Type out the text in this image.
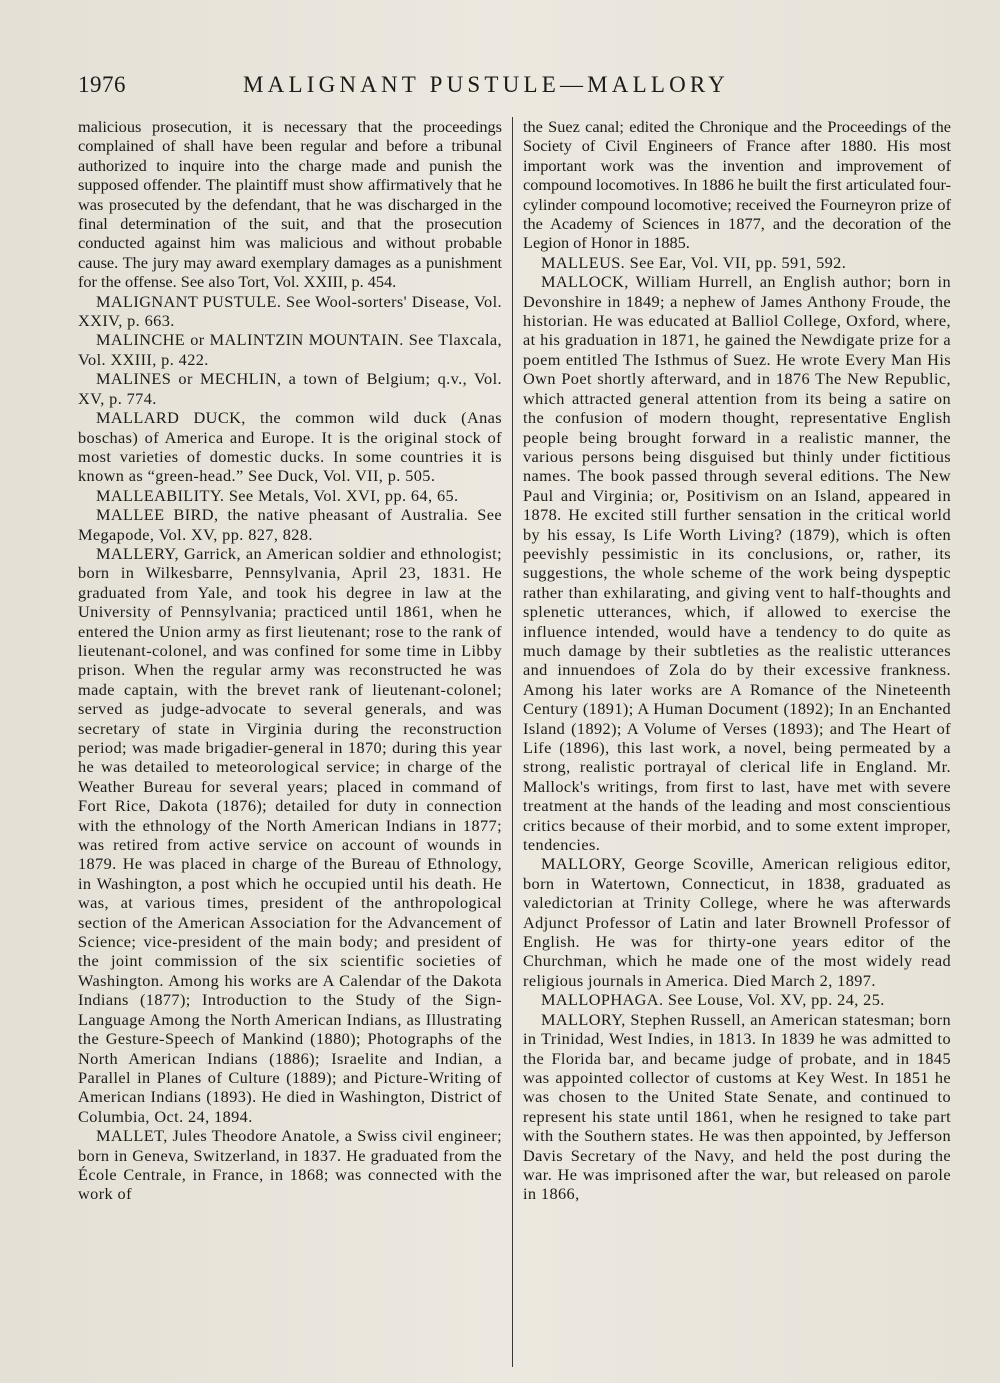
1976	MALIGNANT PUSTULE—MALLORY

malicious prosecution, it is necessary that the proceedings complained of shall have been regular and before a tribunal authorized to inquire into the charge made and punish the supposed offender. The plaintiff must show affirmatively that he was prosecuted by the defendant, that he was discharged in the final determination of the suit, and that the prosecution conducted against him was malicious and without probable cause. The jury may award exemplary damages as a punishment for the offense. See also Tort, Vol. XXIII, p. 454.

MALIGNANT PUSTULE. See Wool-sorters' Disease, Vol. XXIV, p. 663.

MALINCHE or MALINTZIN MOUNTAIN. See Tlaxcala, Vol. XXIII, p. 422.

MALINES or MECHLIN, a town of Belgium; q.v., Vol. XV, p. 774.

MALLARD DUCK, the common wild duck (Anas boschas) of America and Europe. It is the original stock of most varieties of domestic ducks. In some countries it is known as “green-head.” See Duck, Vol. VII, p. 505.

MALLEABILITY. See Metals, Vol. XVI, pp. 64, 65.

MALLEE BIRD, the native pheasant of Australia. See Megapode, Vol. XV, pp. 827, 828.

MALLERY, Garrick, an American soldier and ethnologist; born in Wilkesbarre, Pennsylvania, April 23, 1831. He graduated from Yale, and took his degree in law at the University of Pennsylvania; practiced until 1861, when he entered the Union army as first lieutenant; rose to the rank of lieutenant-colonel, and was confined for some time in Libby prison. When the regular army was reconstructed he was made captain, with the brevet rank of lieutenant-colonel; served as judge-advocate to several generals, and was secretary of state in Virginia during the reconstruction period; was made brigadier-general in 1870; during this year he was detailed to meteorological service; in charge of the Weather Bureau for several years; placed in command of Fort Rice, Dakota (1876); detailed for duty in connection with the ethnology of the North American Indians in 1877; was retired from active service on account of wounds in 1879. He was placed in charge of the Bureau of Ethnology, in Washington, a post which he occupied until his death. He was, at various times, president of the anthropological section of the American Association for the Advancement of Science; vice-president of the main body; and president of the joint commission of the six scientific societies of Washington. Among his works are A Calendar of the Dakota Indians (1877); Introduction to the Study of the Sign-Language Among the North American Indians, as Illustrating the Gesture-Speech of Mankind (1880); Photographs of the North American Indians (1886); Israelite and Indian, a Parallel in Planes of Culture (1889); and Picture-Writing of American Indians (1893). He died in Washington, District of Columbia, Oct. 24, 1894.

MALLET, Jules Theodore Anatole, a Swiss civil engineer; born in Geneva, Switzerland, in 1837. He graduated from the École Centrale, in France, in 1868; was connected with the work of

the Suez canal; edited the Chronique and the Proceedings of the Society of Civil Engineers of France after 1880. His most important work was the invention and improvement of compound locomotives. In 1886 he built the first articulated four-cylinder compound locomotive; received the Fourneyron prize of the Academy of Sciences in 1877, and the decoration of the Legion of Honor in 1885.

MALLEUS. See Ear, Vol. VII, pp. 591, 592.

MALLOCK, William Hurrell, an English author; born in Devonshire in 1849; a nephew of James Anthony Froude, the historian. He was educated at Balliol College, Oxford, where, at his graduation in 1871, he gained the Newdigate prize for a poem entitled The Isthmus of Suez. He wrote Every Man His Own Poet shortly afterward, and in 1876 The New Republic, which attracted general attention from its being a satire on the confusion of modern thought, representative English people being brought forward in a realistic manner, the various persons being disguised but thinly under fictitious names. The book passed through several editions. The New Paul and Virginia; or, Positivism on an Island, appeared in 1878. He excited still further sensation in the critical world by his essay, Is Life Worth Living? (1879), which is often peevishly pessimistic in its conclusions, or, rather, its suggestions, the whole scheme of the work being dyspeptic rather than exhilarating, and giving vent to half-thoughts and splenetic utterances, which, if allowed to exercise the influence intended, would have a tendency to do quite as much damage by their subtleties as the realistic utterances and innuendoes of Zola do by their excessive frankness. Among his later works are A Romance of the Nineteenth Century (1891); A Human Document (1892); In an Enchanted Island (1892); A Volume of Verses (1893); and The Heart of Life (1896), this last work, a novel, being permeated by a strong, realistic portrayal of clerical life in England. Mr. Mallock's writings, from first to last, have met with severe treatment at the hands of the leading and most conscientious critics because of their morbid, and to some extent improper, tendencies.

MALLORY, George Scoville, American religious editor, born in Watertown, Connecticut, in 1838, graduated as valedictorian at Trinity College, where he was afterwards Adjunct Professor of Latin and later Brownell Professor of English. He was for thirty-one years editor of the Churchman, which he made one of the most widely read religious journals in America. Died March 2, 1897.

MALLOPHAGA. See Louse, Vol. XV, pp. 24, 25.

MALLORY, Stephen Russell, an American statesman; born in Trinidad, West Indies, in 1813. In 1839 he was admitted to the Florida bar, and became judge of probate, and in 1845 was appointed collector of customs at Key West. In 1851 he was chosen to the United State Senate, and continued to represent his state until 1861, when he resigned to take part with the Southern states. He was then appointed, by Jefferson Davis Secretary of the Navy, and held the post during the war. He was imprisoned after the war, but released on parole in 1866,
